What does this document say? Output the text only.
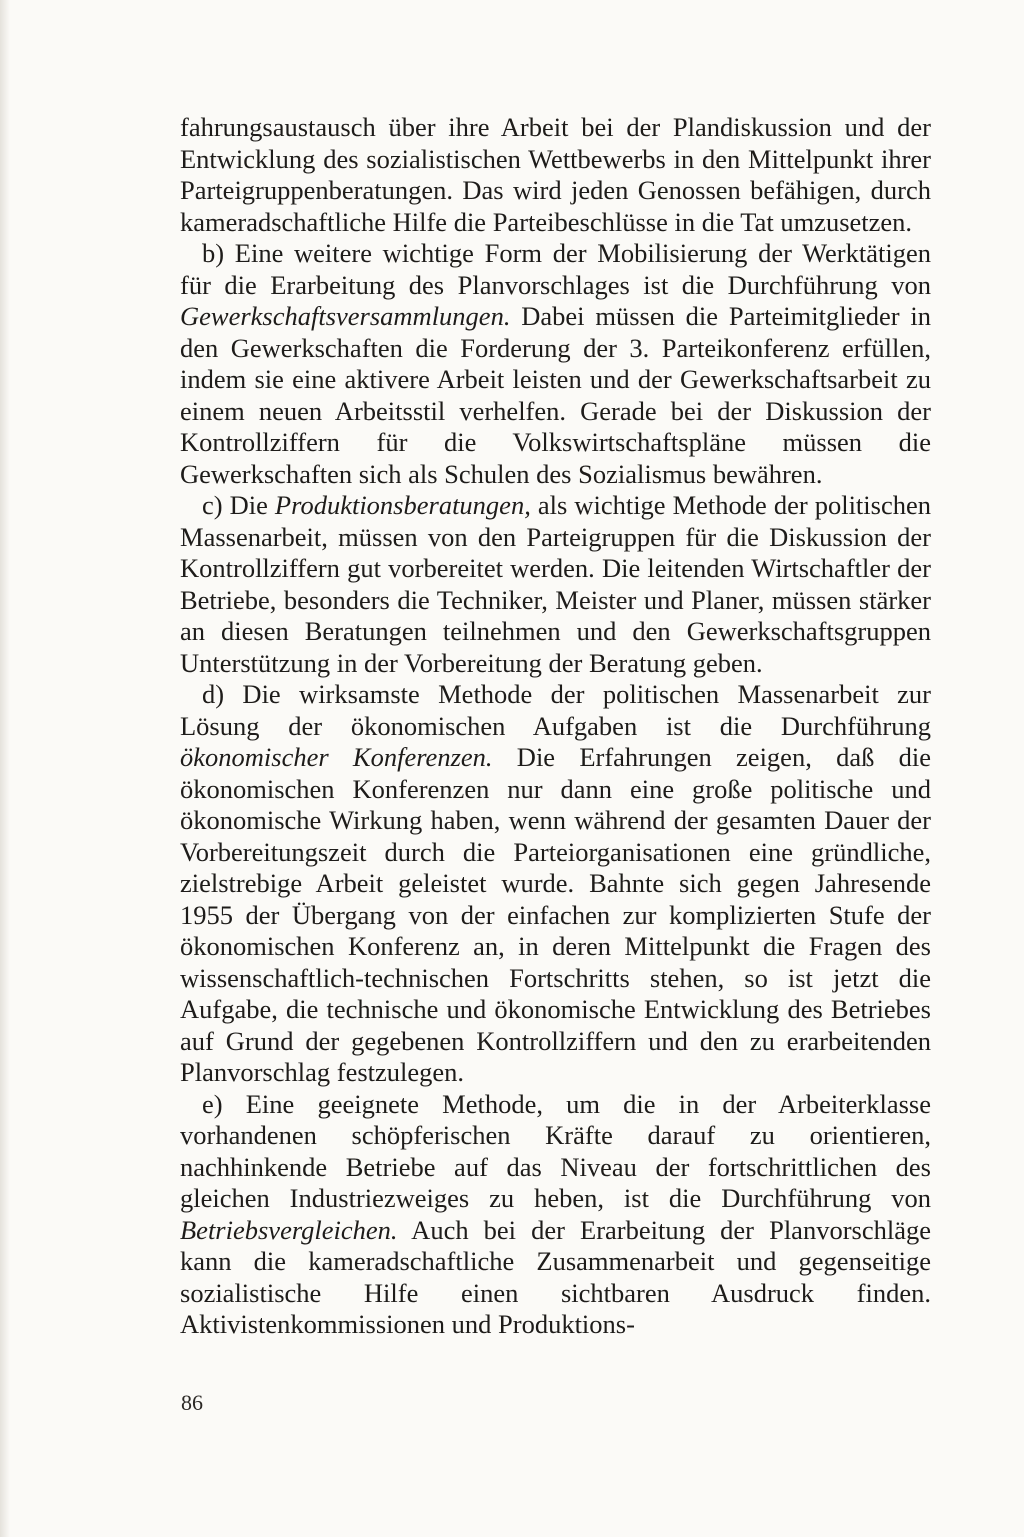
fahrungsaustausch über ihre Arbeit bei der Plandiskussion und der Entwicklung des sozialistischen Wettbewerbs in den Mittelpunkt ihrer Parteigruppenberatungen. Das wird jeden Genossen befähigen, durch kameradschaftliche Hilfe die Parteibeschlüsse in die Tat umzusetzen.

b) Eine weitere wichtige Form der Mobilisierung der Werktätigen für die Erarbeitung des Planvorschlages ist die Durchführung von Gewerkschaftsversammlungen. Dabei müssen die Parteimitglieder in den Gewerkschaften die Forderung der 3. Parteikonferenz erfüllen, indem sie eine aktivere Arbeit leisten und der Gewerkschaftsarbeit zu einem neuen Arbeitsstil verhelfen. Gerade bei der Diskussion der Kontrollziffern für die Volkswirtschaftspläne müssen die Gewerkschaften sich als Schulen des Sozialismus bewähren.

c) Die Produktionsberatungen, als wichtige Methode der politischen Massenarbeit, müssen von den Parteigruppen für die Diskussion der Kontrollziffern gut vorbereitet werden. Die leitenden Wirtschaftler der Betriebe, besonders die Techniker, Meister und Planer, müssen stärker an diesen Beratungen teilnehmen und den Gewerkschaftsgruppen Unterstützung in der Vorbereitung der Beratung geben.

d) Die wirksamste Methode der politischen Massenarbeit zur Lösung der ökonomischen Aufgaben ist die Durchführung ökonomischer Konferenzen. Die Erfahrungen zeigen, daß die ökonomischen Konferenzen nur dann eine große politische und ökonomische Wirkung haben, wenn während der gesamten Dauer der Vorbereitungszeit durch die Parteiorganisationen eine gründliche, zielstrebige Arbeit geleistet wurde. Bahnte sich gegen Jahresende 1955 der Übergang von der einfachen zur komplizierten Stufe der ökonomischen Konferenz an, in deren Mittelpunkt die Fragen des wissenschaftlich-technischen Fortschritts stehen, so ist jetzt die Aufgabe, die technische und ökonomische Entwicklung des Betriebes auf Grund der gegebenen Kontrollziffern und den zu erarbeitenden Planvorschlag festzulegen.

e) Eine geeignete Methode, um die in der Arbeiterklasse vorhandenen schöpferischen Kräfte darauf zu orientieren, nachhinkende Betriebe auf das Niveau der fortschrittlichen des gleichen Industriezweiges zu heben, ist die Durchführung von Betriebsvergleichen. Auch bei der Erarbeitung der Planvorschläge kann die kameradschaftliche Zusammenarbeit und gegenseitige sozialistische Hilfe einen sichtbaren Ausdruck finden. Aktivistenkommissionen und Produktions-

86
